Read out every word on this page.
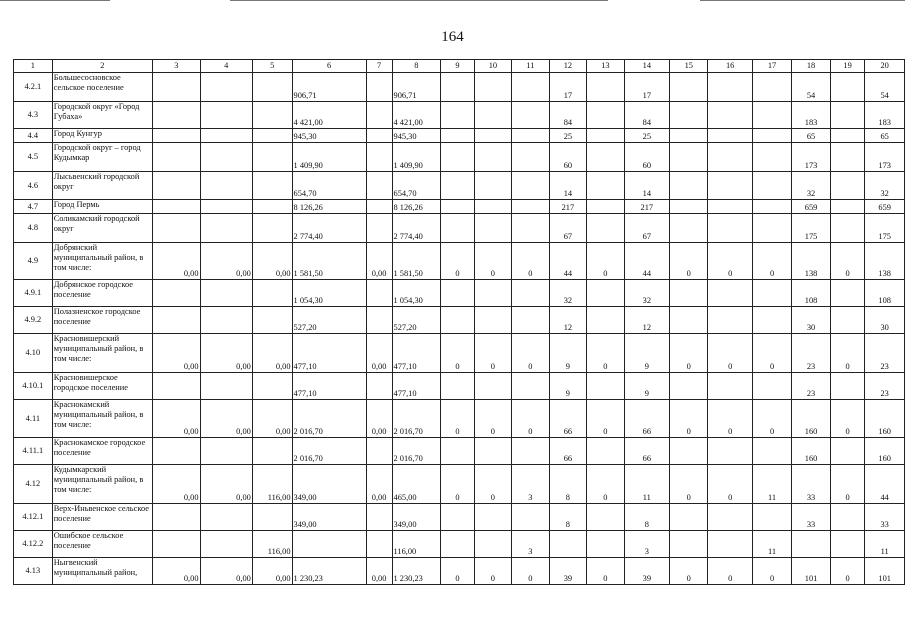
164
1	2	3	4	5	6	7	8	9	10	11	12	13	14	15	16	17	18	19	20
4.2.1	Большесосновское сельское поселение				906,71		906,71				17		17				54		54
4.3	Городской округ «Город Губаха»				4 421,00		4 421,00				84		84				183		183
4.4	Город Кунгур				945,30		945,30				25		25				65		65
4.5	Городской округ – город Кудымкар				1 409,90		1 409,90				60		60				173		173
4.6	Лысьвенский городской округ				654,70		654,70				14		14				32		32
4.7	Город Пермь				8 126,26		8 126,26				217		217				659		659
4.8	Соликамский городской округ				2 774,40		2 774,40				67		67				175		175
4.9	Добрянский муниципальный район, в том числе:	0,00	0,00	0,00	1 581,50	0,00	1 581,50	0	0	0	44	0	44	0	0	0	138	0	138
4.9.1	Добрянское городское поселение				1 054,30		1 054,30				32		32				108		108
4.9.2	Полазненское городское поселение				527,20		527,20				12		12				30		30
4.10	Красновишерский муниципальный район, в том числе:	0,00	0,00	0,00	477,10	0,00	477,10	0	0	0	9	0	9	0	0	0	23	0	23
4.10.1	Красновишерское городское поселение				477,10		477,10				9		9				23		23
4.11	Краснокамский муниципальный район, в том числе:	0,00	0,00	0,00	2 016,70	0,00	2 016,70	0	0	0	66	0	66	0	0	0	160	0	160
4.11.1	Краснокамское городское поселение				2 016,70		2 016,70				66		66				160		160
4.12	Кудымкарский муниципальный район, в том числе:	0,00	0,00	116,00	349,00	0,00	465,00	0	0	3	8	0	11	0	0	11	33	0	44
4.12.1	Верх-Иньвенское сельское поселение				349,00		349,00				8		8				33		33
4.12.2	Ошибское сельское поселение			116,00			116,00			3			3			11			11
4.13	Ныгвенский муниципальный район,	0,00	0,00	0,00	1 230,23	0,00	1 230,23	0	0	0	39	0	39	0	0	0	101	0	101
